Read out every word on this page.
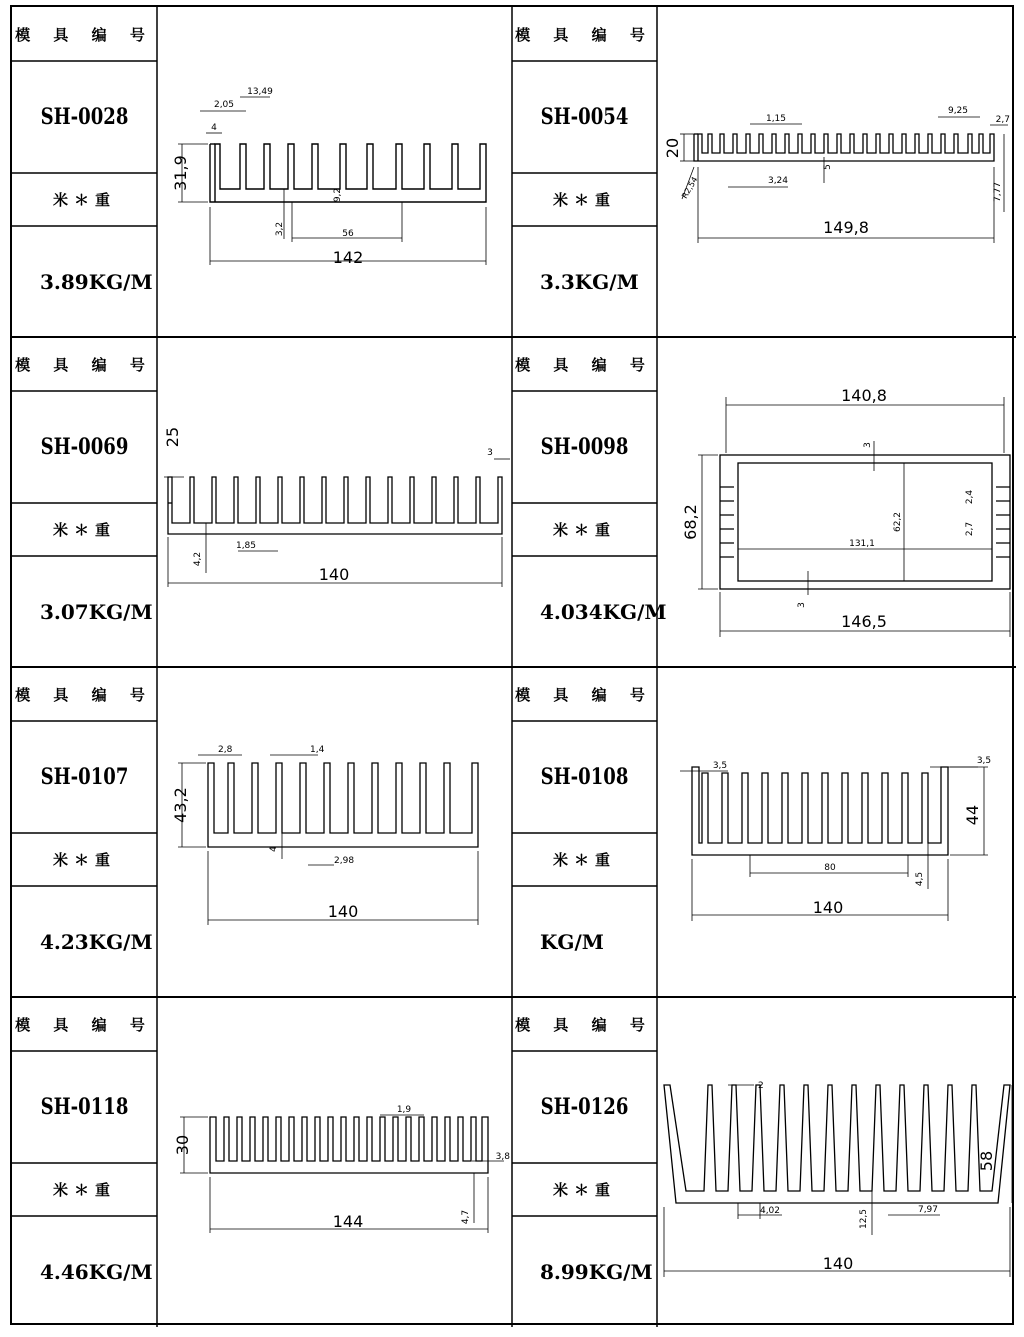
模 具 编 号
SH-0028
米＊重
3.89KG/M
模 具 编 号
SH-0054
米＊重
3.3KG/M
模 具 编 号
SH-0069
米＊重
3.07KG/M
模 具 编 号
SH-0098
米＊重
4.034KG/M
模 具 编 号
SH-0107
米＊重
4.23KG/M
模 具 编 号
SH-0108
米＊重
KG/M
模 具 编 号
SH-0118
米＊重
4.46KG/M
模 具 编 号
SH-0126
米＊重
8.99KG/M
142
56
31,9
3,2
9,2
2,05
13,49
4
149,8
20
1,15
9,25
2,7
3,24
5
7,77
R2,54
140
25
4,2
1,85
3
140,8
146,5
68,2	62,2
131,1
3
3
2,4
2,7
140
43,2
2,8	1,4
4
2,98
140
44
3,5	3,5
80
4,5
144
30
1,9
3,8
4,7
140
58
2
4,02	12,5	7,97
